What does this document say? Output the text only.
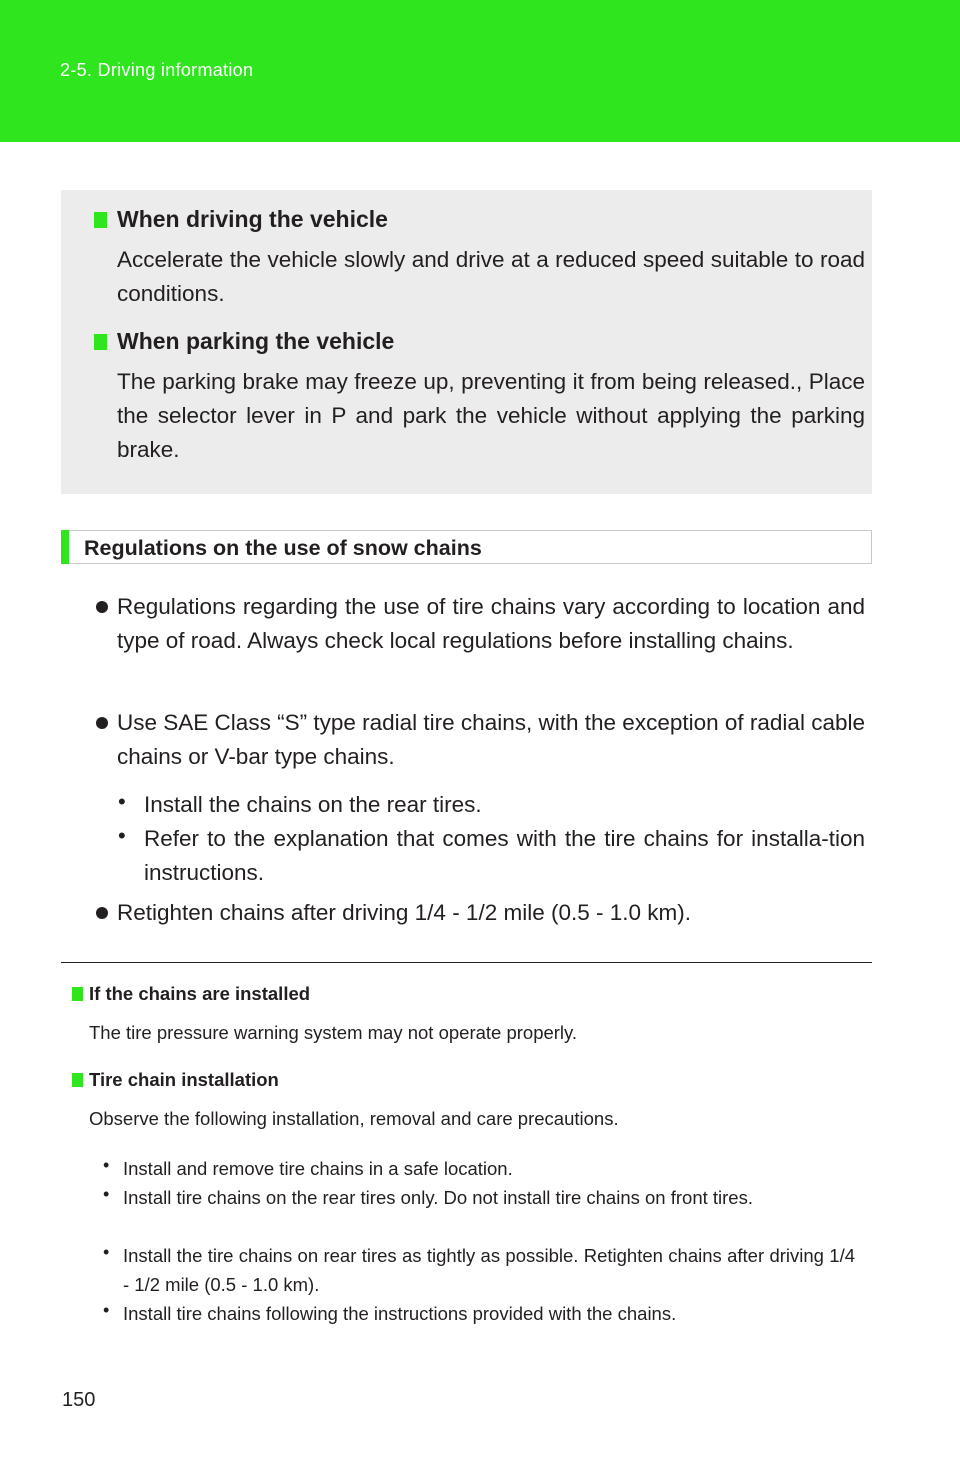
2-5. Driving information
When driving the vehicle
Accelerate the vehicle slowly and drive at a reduced speed suitable to road conditions.
When parking the vehicle
The parking brake may freeze up, preventing it from being released., Place the selector lever in P and park the vehicle without applying the parking brake.
Regulations on the use of snow chains
Regulations regarding the use of tire chains vary according to location and type of road. Always check local regulations before installing chains.
Use SAE Class “S” type radial tire chains, with the exception of radial cable chains or V-bar type chains.
• Install the chains on the rear tires.
• Refer to the explanation that comes with the tire chains for installa-tion instructions.
Retighten chains after driving 1/4 - 1/2 mile (0.5 - 1.0 km).
If the chains are installed
The tire pressure warning system may not operate properly.
Tire chain installation
Observe the following installation, removal and care precautions.
• Install and remove tire chains in a safe location.
• Install tire chains on the rear tires only. Do not install tire chains on front tires.
• Install the tire chains on rear tires as tightly as possible. Retighten chains after driving 1/4 - 1/2 mile (0.5 - 1.0 km).
• Install tire chains following the instructions provided with the chains.
150
